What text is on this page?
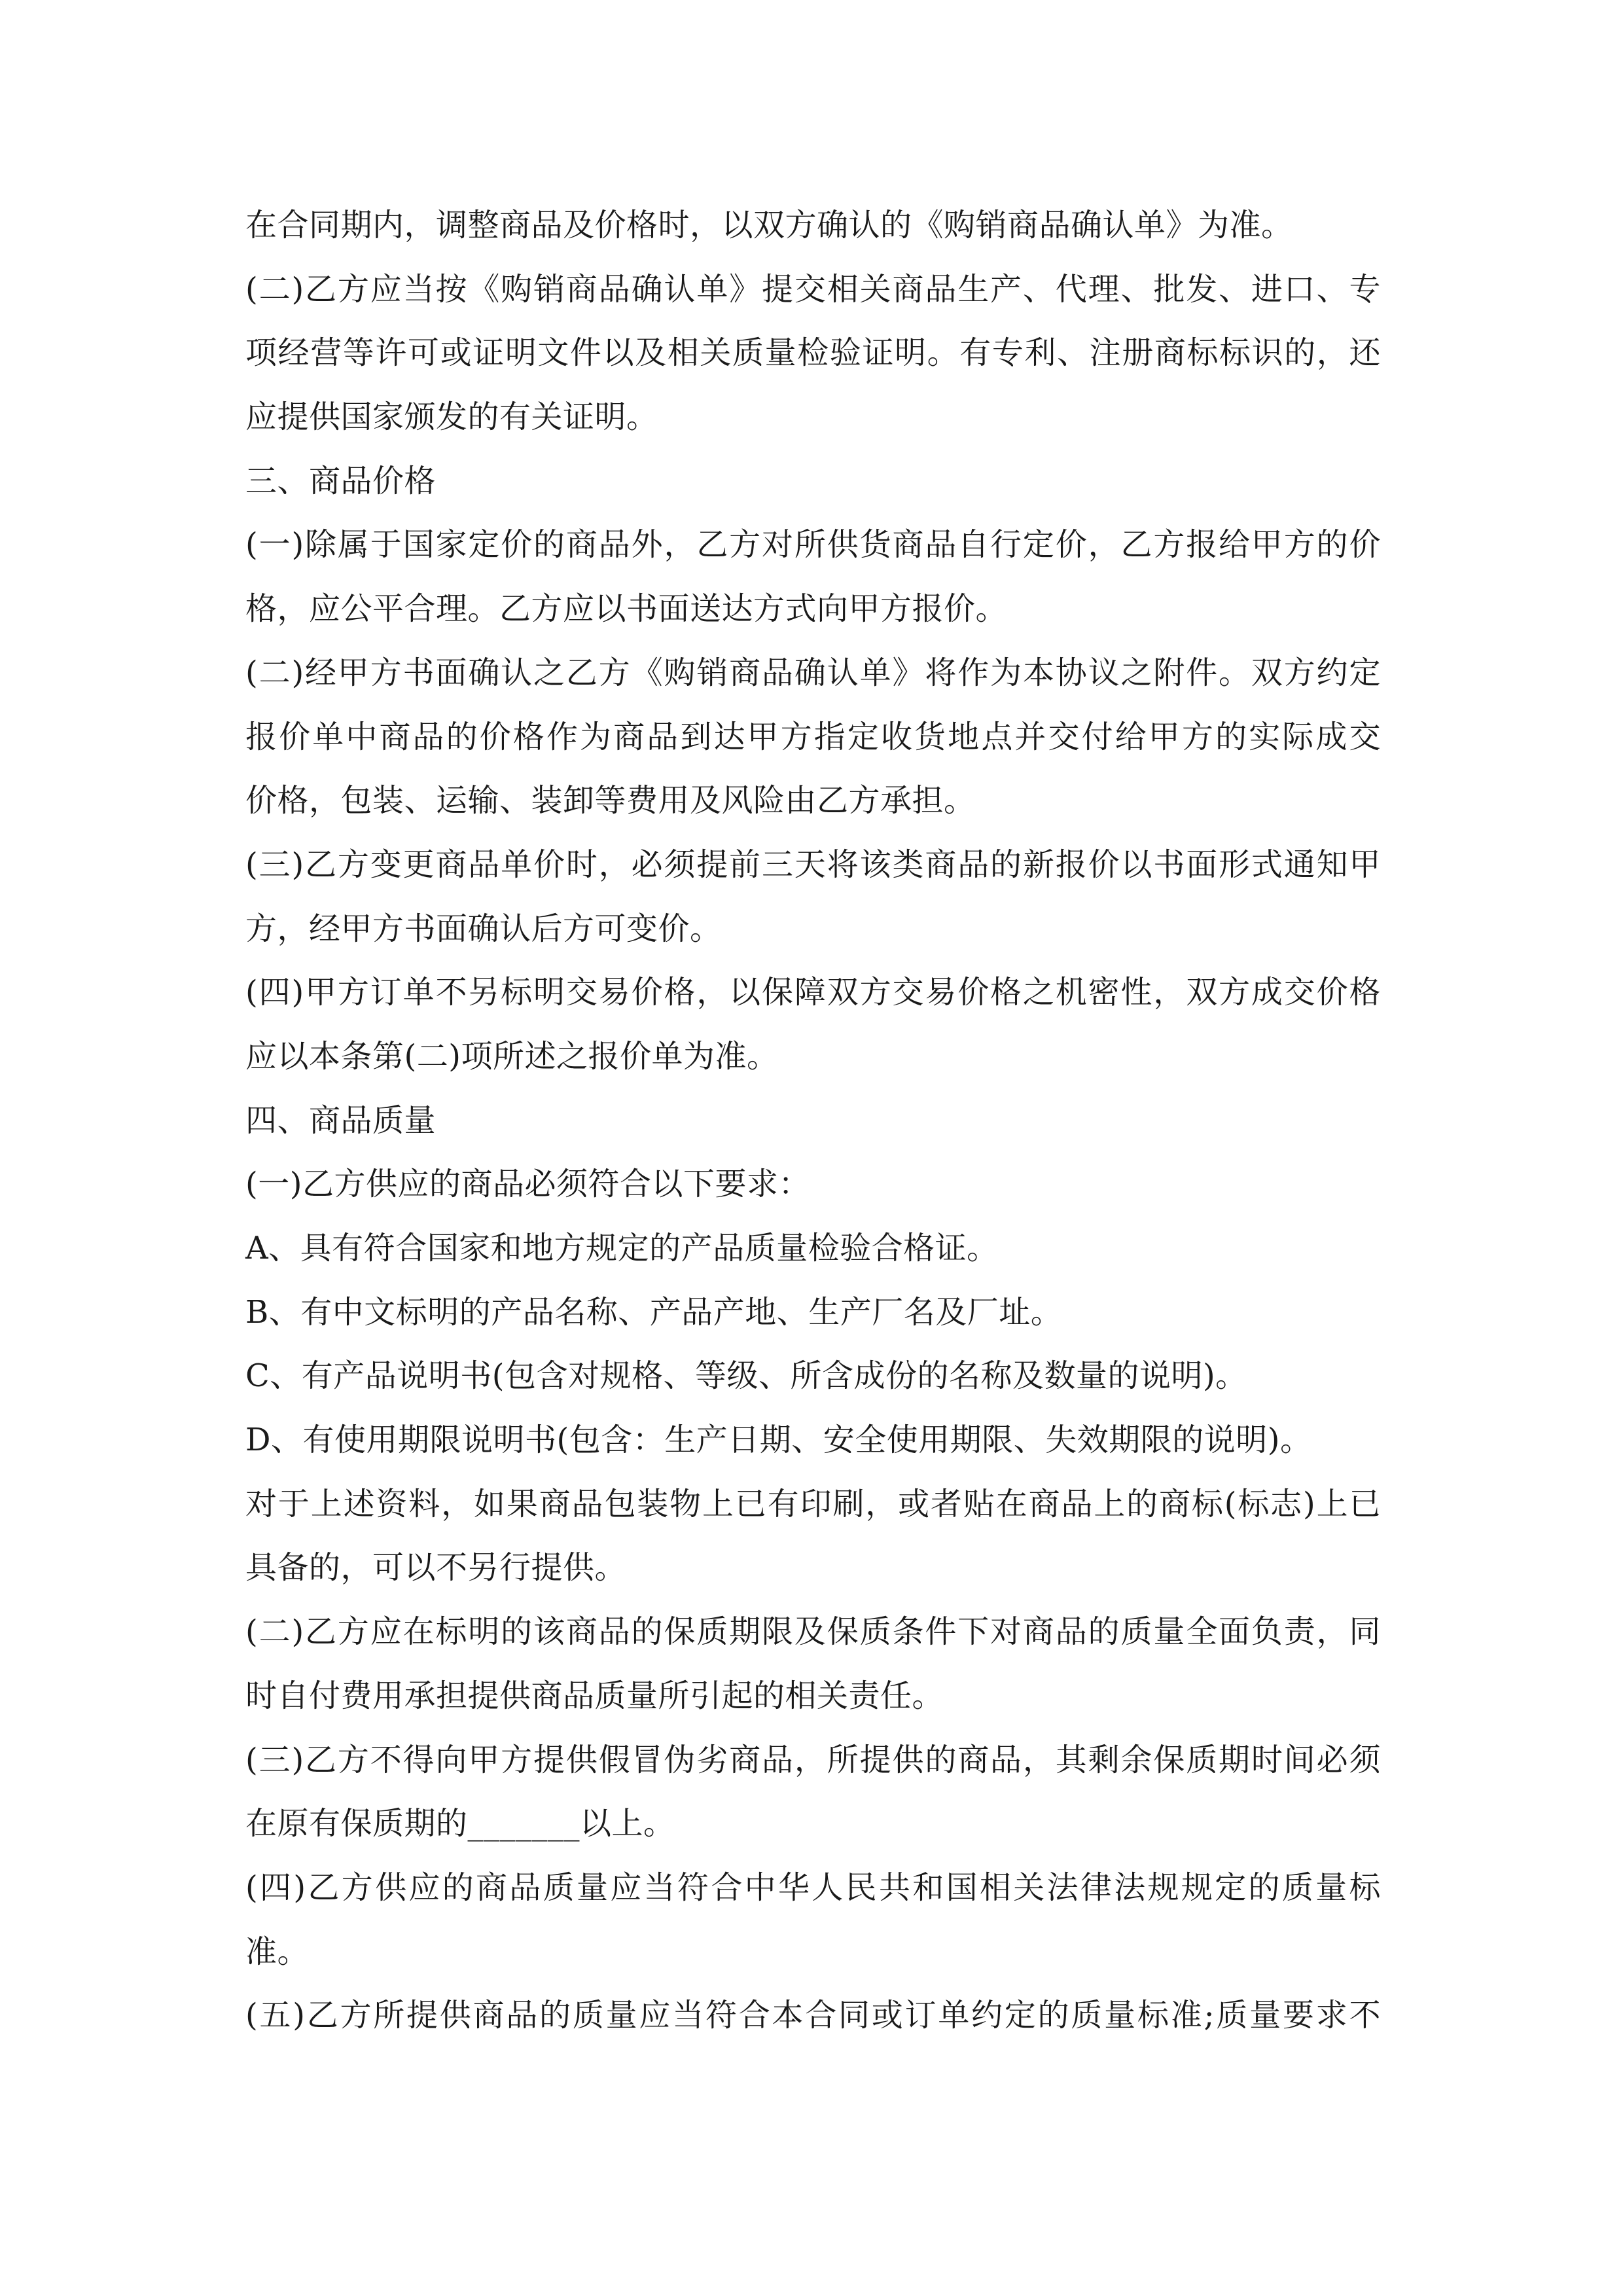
在合同期内，调整商品及价格时，以双方确认的《购销商品确认单》为准。
(二)乙方应当按《购销商品确认单》提交相关商品生产、代理、批发、进口、专
项经营等许可或证明文件以及相关质量检验证明。有专利、注册商标标识的，还
应提供国家颁发的有关证明。
三、商品价格
(一)除属于国家定价的商品外，乙方对所供货商品自行定价，乙方报给甲方的价
格，应公平合理。乙方应以书面送达方式向甲方报价。
(二)经甲方书面确认之乙方《购销商品确认单》将作为本协议之附件。双方约定
报价单中商品的价格作为商品到达甲方指定收货地点并交付给甲方的实际成交
价格，包装、运输、装卸等费用及风险由乙方承担。
(三)乙方变更商品单价时，必须提前三天将该类商品的新报价以书面形式通知甲
方，经甲方书面确认后方可变价。
(四)甲方订单不另标明交易价格，以保障双方交易价格之机密性，双方成交价格
应以本条第(二)项所述之报价单为准。
四、商品质量
(一)乙方供应的商品必须符合以下要求：
A、具有符合国家和地方规定的产品质量检验合格证。
B、有中文标明的产品名称、产品产地、生产厂名及厂址。
C、有产品说明书(包含对规格、等级、所含成份的名称及数量的说明)。
D、有使用期限说明书(包含：生产日期、安全使用期限、失效期限的说明)。
对于上述资料，如果商品包装物上已有印刷，或者贴在商品上的商标(标志)上已
具备的，可以不另行提供。
(二)乙方应在标明的该商品的保质期限及保质条件下对商品的质量全面负责，同
时自付费用承担提供商品质量所引起的相关责任。
(三)乙方不得向甲方提供假冒伪劣商品，所提供的商品，其剩余保质期时间必须
在原有保质期的_______以上。
(四)乙方供应的商品质量应当符合中华人民共和国相关法律法规规定的质量标
准。
(五)乙方所提供商品的质量应当符合本合同或订单约定的质量标准;质量要求不
